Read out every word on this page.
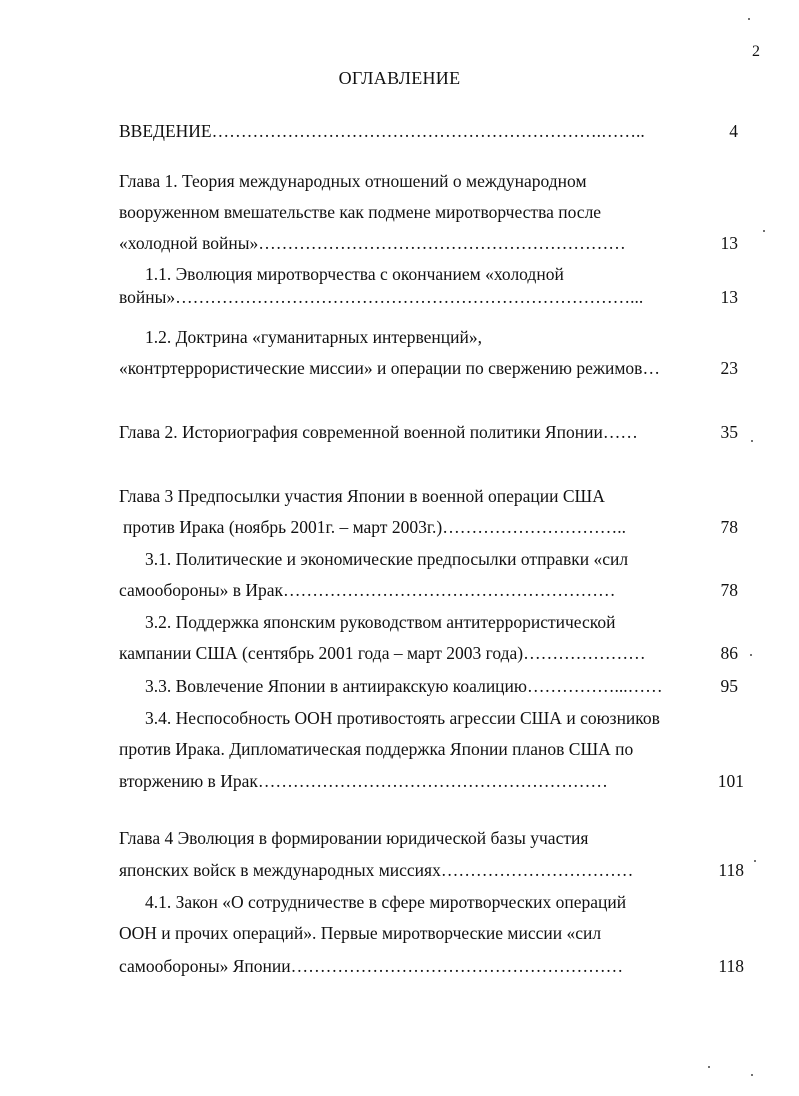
2
ОГЛАВЛЕНИЕ
ВВЕДЕНИЕ………………………………………………………….……..	4
Глава 1. Теория международных отношений о международном
вооруженном вмешательстве как подмене миротворчества после
«холодной войны»………………………………………………………	13
1.1. Эволюция миротворчества с окончанием «холодной
войны»……………………………………………………………………...	13
1.2. Доктрина «гуманитарных интервенций»,
«контртеррористические миссии» и операции по свержению режимов…	23
Глава 2. Историография современной военной политики Японии……	35
Глава 3 Предпосылки участия Японии в военной операции США
против Ирака (ноябрь 2001г. – март 2003г.)…………………………..	78
3.1. Политические и экономические предпосылки отправки «сил
самообороны» в Ирак…………………………………………………	78
3.2. Поддержка японским руководством антитеррористической
кампании США (сентябрь 2001 года – март 2003 года)…………………	86
3.3. Вовлечение Японии в антииракскую коалицию……………...……	95
3.4. Неспособность ООН противостоять агрессии США и союзников
против Ирака. Дипломатическая поддержка Японии планов США по
вторжению в Ирак……………………………………………………	101
Глава 4 Эволюция в формировании юридической базы участия
японских войск в международных миссиях……………………………	118
4.1. Закон «О сотрудничестве в сфере миротворческих операций
ООН и прочих операций». Первые миротворческие миссии «сил
самообороны» Японии…………………………………………………	118
